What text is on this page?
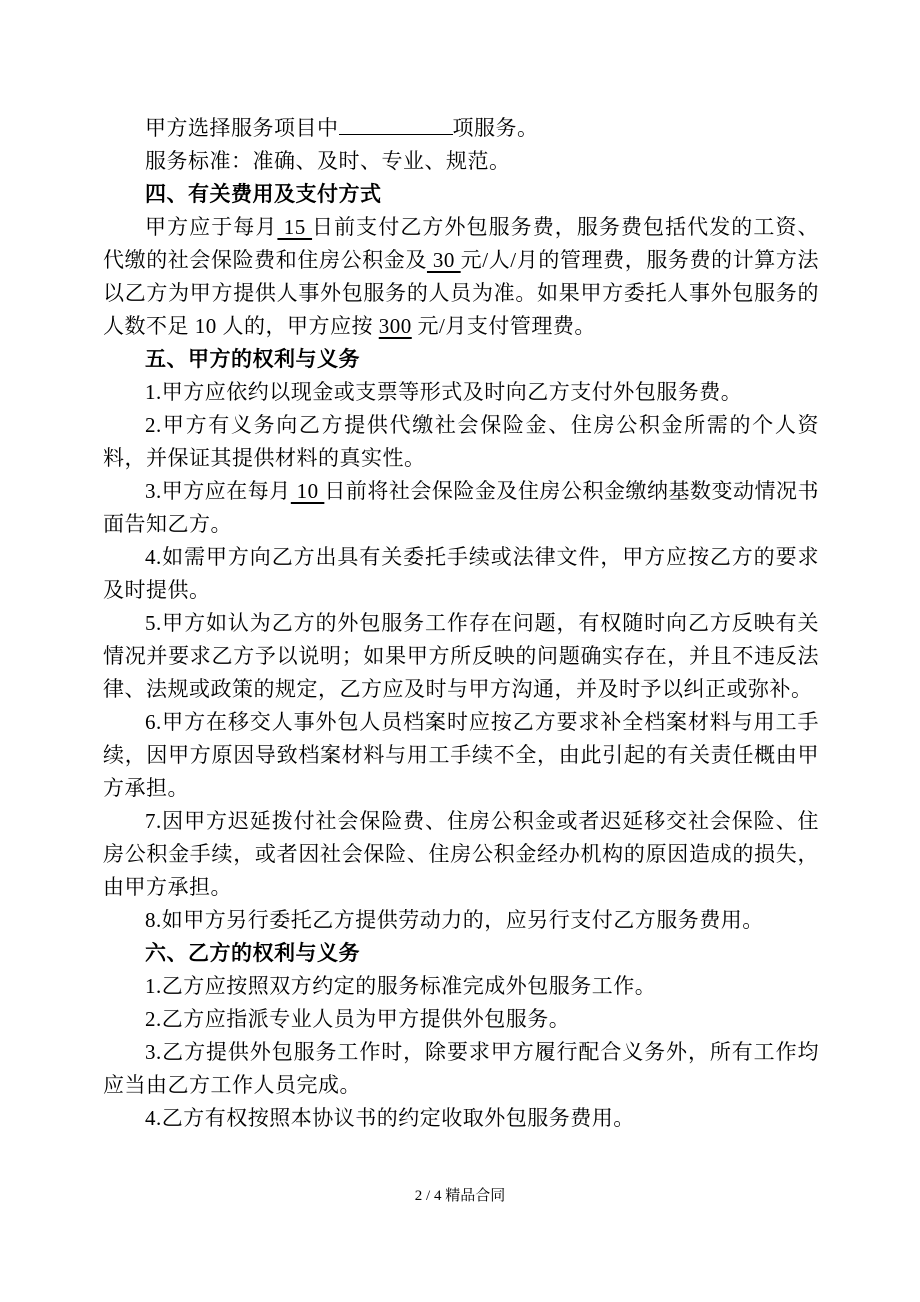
甲方选择服务项目中	项服务。

服务标准：准确、及时、专业、规范。

四、有关费用及支付方式

甲方应于每月 15 日前支付乙方外包服务费，服务费包括代发的工资、代缴的社会保险费和住房公积金及 30 元/人/月的管理费，服务费的计算方法以乙方为甲方提供人事外包服务的人员为准。如果甲方委托人事外包服务的人数不足 10 人的，甲方应按 300 元/月支付管理费。

五、甲方的权利与义务

1.甲方应依约以现金或支票等形式及时向乙方支付外包服务费。

2.甲方有义务向乙方提供代缴社会保险金、住房公积金所需的个人资料，并保证其提供材料的真实性。

3.甲方应在每月 10 日前将社会保险金及住房公积金缴纳基数变动情况书面告知乙方。

4.如需甲方向乙方出具有关委托手续或法律文件，甲方应按乙方的要求及时提供。

5.甲方如认为乙方的外包服务工作存在问题，有权随时向乙方反映有关情况并要求乙方予以说明；如果甲方所反映的问题确实存在，并且不违反法律、法规或政策的规定，乙方应及时与甲方沟通，并及时予以纠正或弥补。

6.甲方在移交人事外包人员档案时应按乙方要求补全档案材料与用工手续，因甲方原因导致档案材料与用工手续不全，由此引起的有关责任概由甲方承担。

7.因甲方迟延拨付社会保险费、住房公积金或者迟延移交社会保险、住房公积金手续，或者因社会保险、住房公积金经办机构的原因造成的损失，由甲方承担。

8.如甲方另行委托乙方提供劳动力的，应另行支付乙方服务费用。

六、乙方的权利与义务

1.乙方应按照双方约定的服务标准完成外包服务工作。

2.乙方应指派专业人员为甲方提供外包服务。

3.乙方提供外包服务工作时，除要求甲方履行配合义务外，所有工作均应当由乙方工作人员完成。

4.乙方有权按照本协议书的约定收取外包服务费用。

2 / 4 精品合同
